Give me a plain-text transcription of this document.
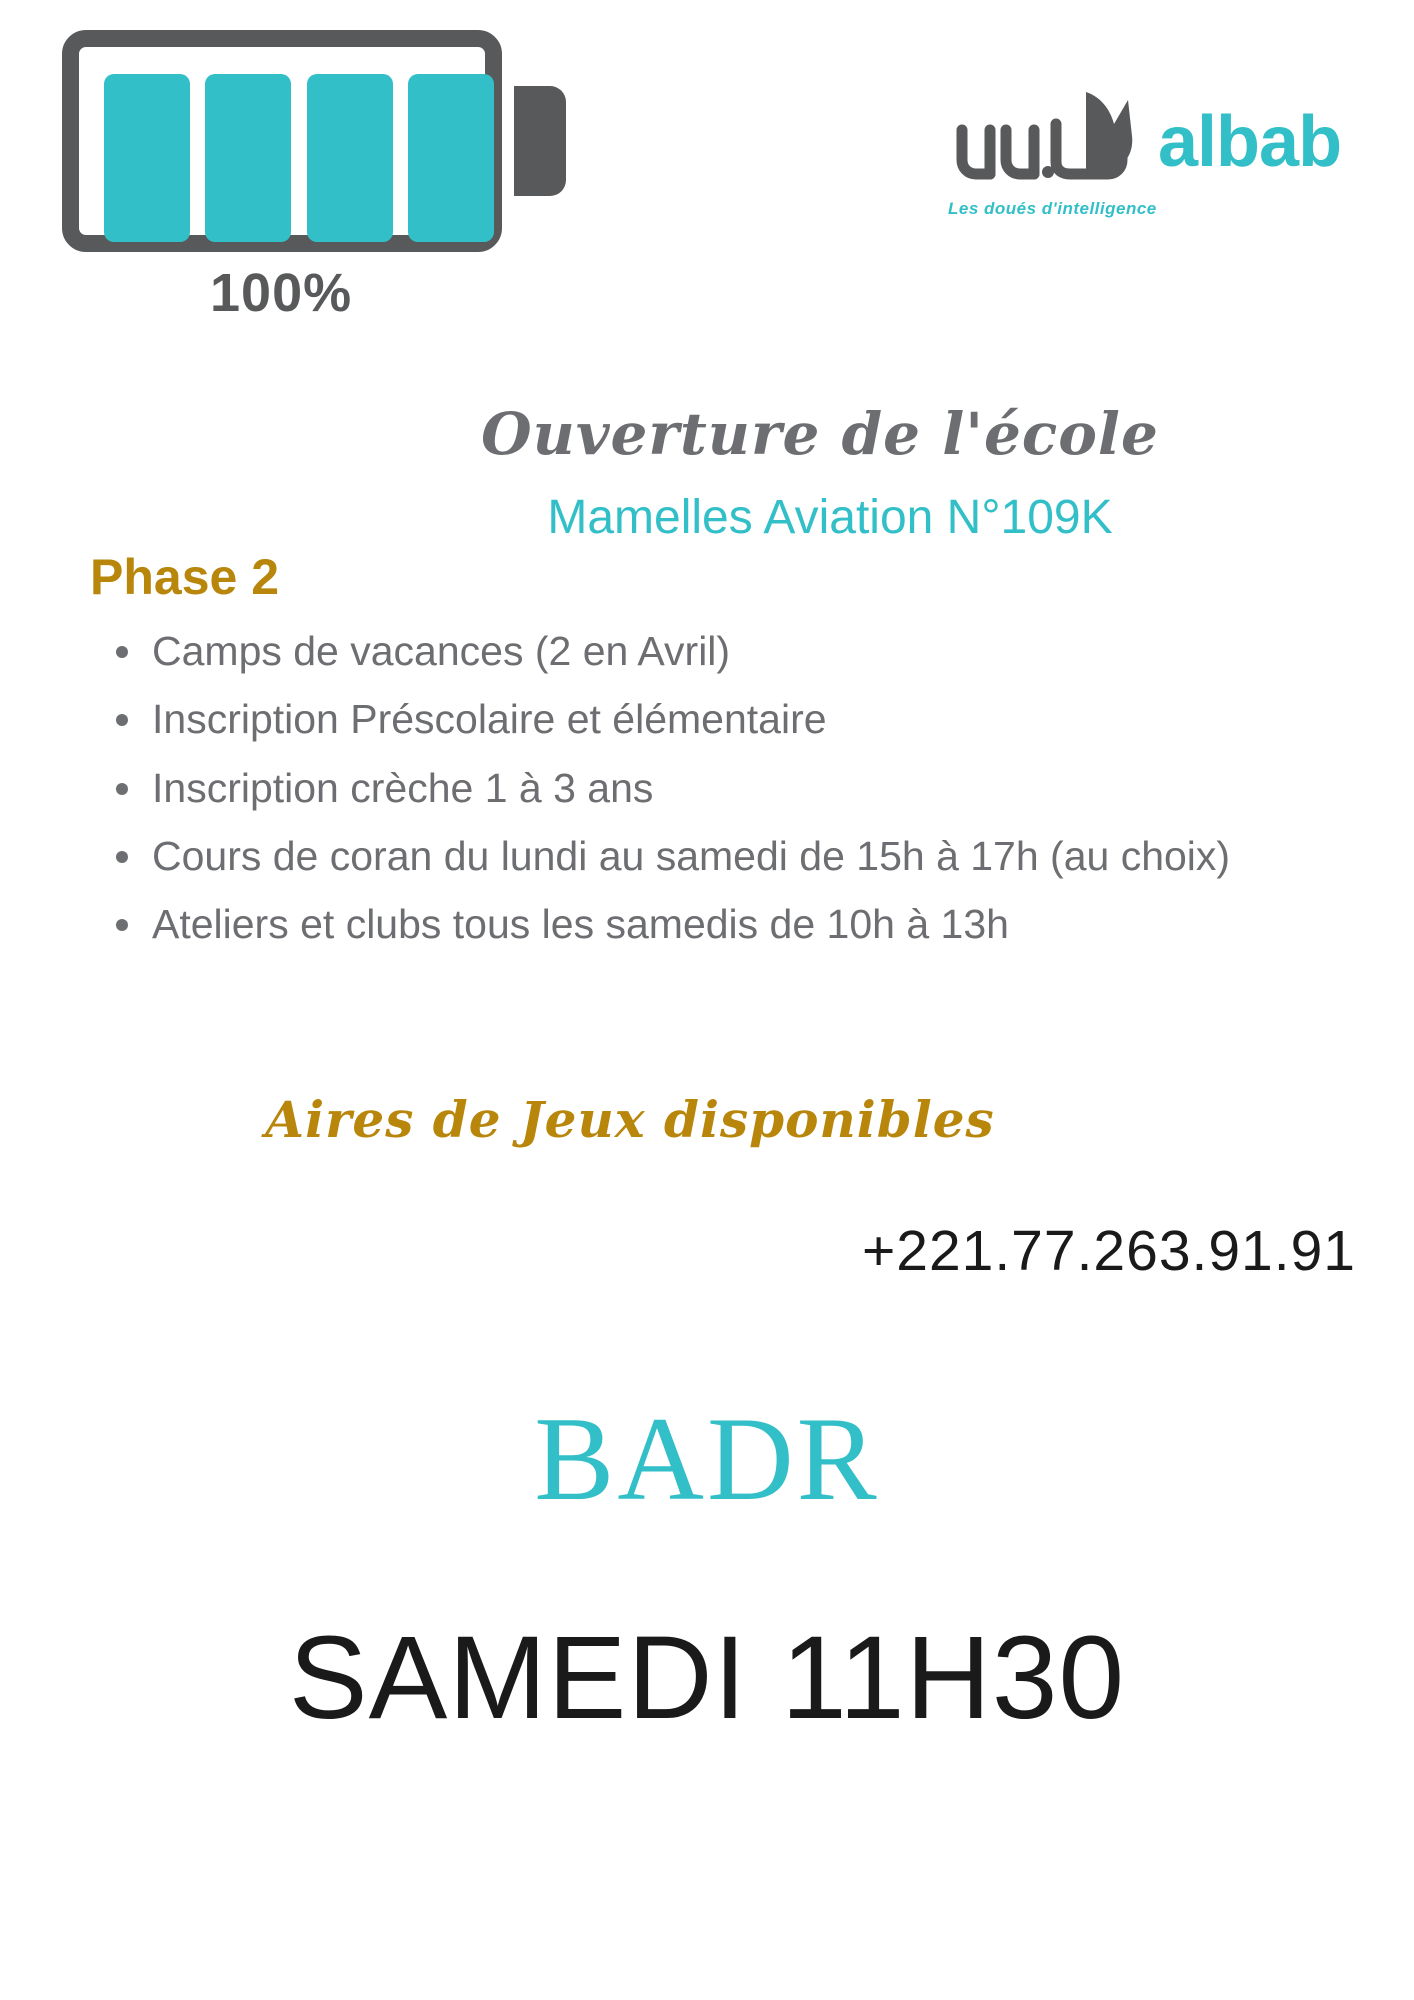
100%
albab
Les doués d'intelligence
Ouverture de l'école
Mamelles Aviation N°109K
Phase 2
Camps de vacances (2 en Avril)
Inscription Préscolaire et élémentaire
Inscription crèche 1 à 3 ans
Cours de coran du lundi au samedi de 15h à 17h (au choix)
Ateliers et clubs tous les samedis de 10h à 13h
Aires de Jeux disponibles
+221.77.263.91.91
BADR
SAMEDI 11H30
